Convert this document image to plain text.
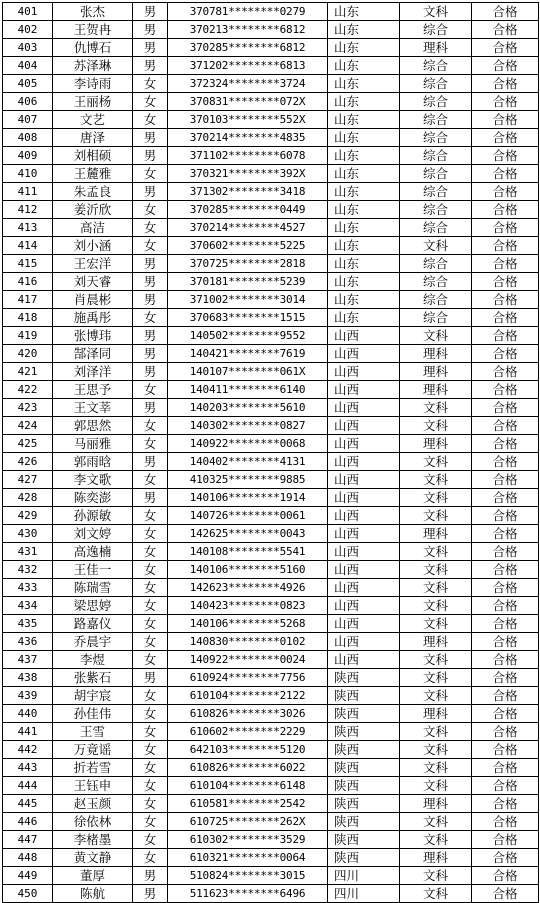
401	张杰	男	370781********0279	山东	文科	合格
402	王贺冉	男	370213********6812	山东	综合	合格
403	仇博石	男	370285********6812	山东	理科	合格
404	苏泽琳	男	371202********6813	山东	综合	合格
405	李诗雨	女	372324********3724	山东	综合	合格
406	王丽杨	女	370831********072X	山东	综合	合格
407	文艺	女	370103********552X	山东	综合	合格
408	唐泽	男	370214********4835	山东	综合	合格
409	刘相硕	男	371102********6078	山东	综合	合格
410	王麓雅	女	370321********392X	山东	综合	合格
411	朱孟良	男	371302********3418	山东	综合	合格
412	姜沂欣	女	370285********0449	山东	综合	合格
413	高洁	女	370214********4527	山东	综合	合格
414	刘小涵	女	370602********5225	山东	文科	合格
415	王宏洋	男	370725********2818	山东	综合	合格
416	刘天睿	男	370181********5239	山东	综合	合格
417	肖晨彬	男	371002********3014	山东	综合	合格
418	施禹彤	女	370683********1515	山东	综合	合格
419	张博玮	男	140502********9552	山西	文科	合格
420	郜泽同	男	140421********7619	山西	理科	合格
421	刘泽洋	男	140107********061X	山西	理科	合格
422	王思予	女	140411********6140	山西	理科	合格
423	王文莘	男	140203********5610	山西	文科	合格
424	郭思然	女	140302********0827	山西	文科	合格
425	马丽雅	女	140922********0068	山西	理科	合格
426	郭雨晗	男	140402********4131	山西	文科	合格
427	李文歌	女	410325********9885	山西	文科	合格
428	陈奕澎	男	140106********1914	山西	文科	合格
429	孙源敏	女	140726********0061	山西	文科	合格
430	刘文婷	女	142625********0043	山西	理科	合格
431	高逸楠	女	140108********5541	山西	文科	合格
432	王佳一	女	140106********5160	山西	文科	合格
433	陈瑞雪	女	142623********4926	山西	文科	合格
434	梁思婷	女	140423********0823	山西	文科	合格
435	路嘉仪	女	140106********5268	山西	文科	合格
436	乔晨宇	女	140830********0102	山西	理科	合格
437	李煜	女	140922********0024	山西	文科	合格
438	张紫石	男	610924********7756	陕西	文科	合格
439	胡宇宸	女	610104********2122	陕西	文科	合格
440	孙佳伟	女	610826********3026	陕西	理科	合格
441	王雪	女	610602********2229	陕西	文科	合格
442	万竟谣	女	642103********5120	陕西	文科	合格
443	折若雪	女	610826********6022	陕西	文科	合格
444	王钰申	女	610104********6148	陕西	文科	合格
445	赵玉颜	女	610581********2542	陕西	理科	合格
446	徐依林	女	610725********262X	陕西	文科	合格
447	李楮墨	女	610302********3529	陕西	文科	合格
448	黄文静	女	610321********0064	陕西	理科	合格
449	董厚	男	510824********3015	四川	文科	合格
450	陈航	男	511623********6496	四川	文科	合格
